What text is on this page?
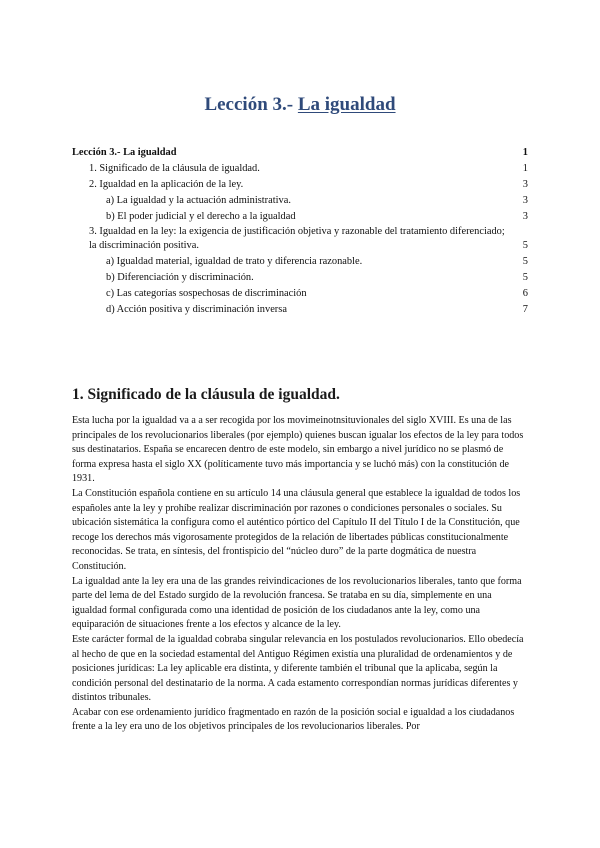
Lección 3.- La igualdad
Lección 3.- La igualdad	1
1. Significado de la cláusula de igualdad.	1
2. Igualdad en la aplicación de la ley.	3
a) La igualdad y la actuación administrativa.	3
b) El poder judicial y el derecho a la igualdad	3
3. Igualdad en la ley: la exigencia de justificación objetiva y razonable del tratamiento diferenciado; la discriminación positiva.	5
a) Igualdad material, igualdad de trato y diferencia razonable.	5
b) Diferenciación y discriminación.	5
c) Las categorías sospechosas de discriminación	6
d) Acción positiva y discriminación inversa	7
1. Significado de la cláusula de igualdad.

Esta lucha por la igualdad va a a ser recogida por los movimeinotnsituvionales del siglo XVIII. Es una de las principales de los revolucionarios liberales (por ejemplo) quienes buscan igualar los efectos de la ley para todos sus destinatarios. España se encarecen dentro de este modelo, sin embargo a nivel jurídico no se plasmó de forma expresa hasta el siglo XX (políticamente tuvo más importancia y se luchó más) con la constitución de 1931.

La Constitución española contiene en su artículo 14 una cláusula general que establece la igualdad de todos los españoles ante la ley y prohíbe realizar discriminación por razones o condiciones personales o sociales. Su ubicación sistemática la configura como el auténtico pórtico del Capítulo II del Título I de la Constitución, que recoge los derechos más vigorosamente protegidos de la relación de libertades públicas constitucionalmente reconocidas. Se trata, en síntesis, del frontispicio del “núcleo duro” de la parte dogmática de nuestra Constitución.

La igualdad ante la ley era una de las grandes reivindicaciones de los revolucionarios liberales, tanto que forma parte del lema de del Estado surgido de la revolución francesa. Se trataba en su día, simplemente en una igualdad formal configurada como una identidad de posición de los ciudadanos ante la ley, como una equiparación de situaciones frente a los efectos y alcance de la ley.

Este carácter formal de la igualdad cobraba singular relevancia en los postulados revolucionarios. Ello obedecía al hecho de que en la sociedad estamental del Antiguo Régimen existía una pluralidad de ordenamientos y de posiciones jurídicas: La ley aplicable era distinta, y diferente también el tribunal que la aplicaba, según la condición personal del destinatario de la norma. A cada estamento correspondían normas jurídicas diferentes y distintos tribunales.

Acabar con ese ordenamiento jurídico fragmentado en razón de la posición social e igualdad a los ciudadanos frente a la ley era uno de los objetivos principales de los revolucionarios liberales. Por
